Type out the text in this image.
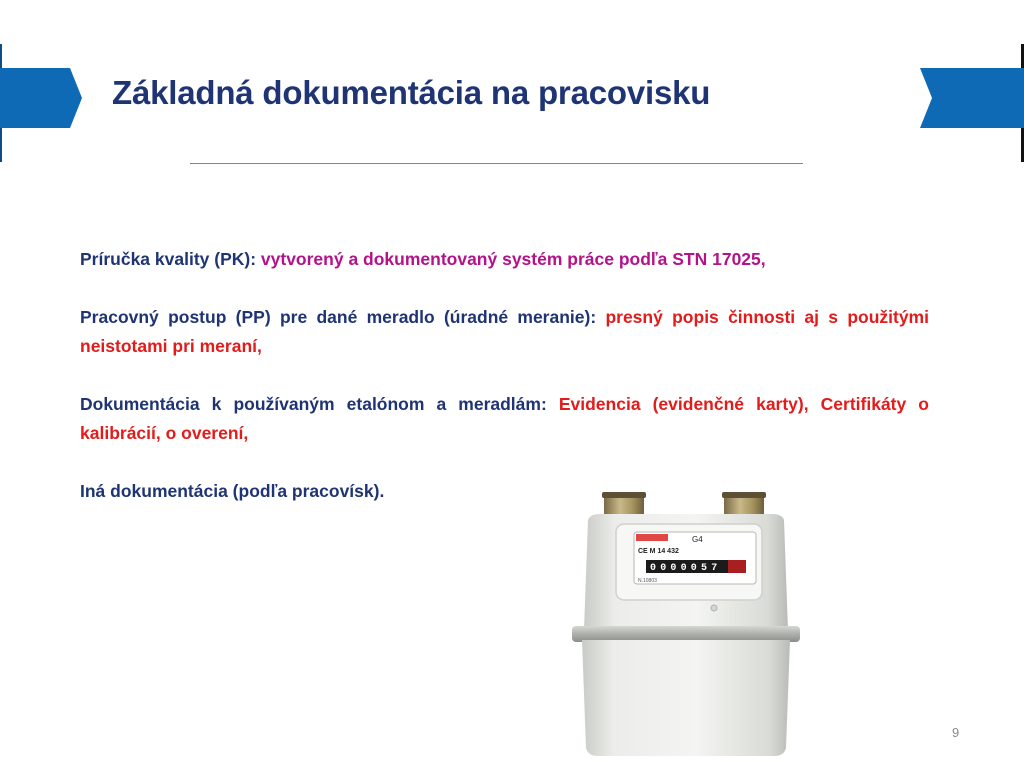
Základná dokumentácia na pracovisku

Príručka kvality (PK): vytvorený a dokumentovaný systém práce podľa STN 17025,

Pracovný postup (PP) pre dané meradlo (úradné meranie): presný popis činnosti aj s použitými neistotami pri meraní,

Dokumentácia k používaným etalónom a meradlám: Evidencia (evidenčné karty), Certifikáty o kalibrácií, o overení,

Iná dokumentácia (podľa pracovísk).

CE M 14 432
G4
0000057
N.10803
9
